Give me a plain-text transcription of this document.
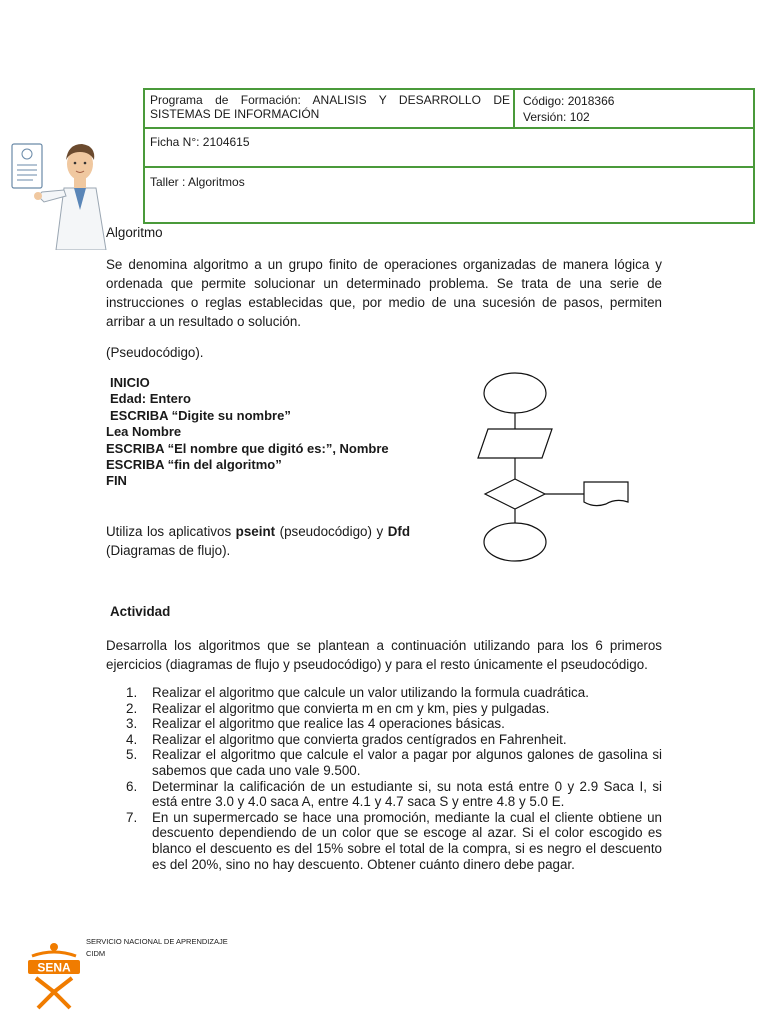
Programa de Formación: ANALISIS Y DESARROLLO DE SISTEMAS DE INFORMACIÓN
Código: 2018366
Versión: 102
Ficha N°: 2104615
Taller : Algoritmos
Algoritmo
Se denomina algoritmo a un grupo finito de operaciones organizadas de manera lógica y ordenada que permite solucionar un determinado problema. Se trata de una serie de instrucciones o reglas establecidas que, por medio de una sucesión de pasos, permiten arribar a un resultado o solución.
(Pseudocódigo).
INICIO
Edad: Entero
ESCRIBA “Digite su nombre”
Lea Nombre
ESCRIBA “El nombre que digitó es:”, Nombre
ESCRIBA “fin del algoritmo”
FIN
Utiliza los aplicativos pseint (pseudocódigo) y Dfd (Diagramas de flujo).
Actividad
Desarrolla los algoritmos que se plantean a continuación utilizando para los 6 primeros ejercicios (diagramas de flujo y pseudocódigo) y para el resto únicamente el pseudocódigo.
1. Realizar el algoritmo que calcule un valor utilizando la formula cuadrática.
2. Realizar el algoritmo que convierta m en cm y km, pies y pulgadas.
3. Realizar el algoritmo que realice las 4 operaciones básicas.
4. Realizar el algoritmo que convierta grados centígrados en Fahrenheit.
5. Realizar el algoritmo que calcule el valor a pagar por algunos galones de gasolina si sabemos que cada uno vale 9.500.
6. Determinar la calificación de un estudiante si, su nota está entre 0 y 2.9 Saca I, si está entre 3.0 y 4.0 saca A, entre 4.1 y 4.7 saca S y entre 4.8 y 5.0 E.
7. En un supermercado se hace una promoción, mediante la cual el cliente obtiene un descuento dependiendo de un color que se escoge al azar. Si el color escogido es blanco el descuento es del 15% sobre el total de la compra, si es negro el descuento es del 20%, sino no hay descuento. Obtener cuánto dinero debe pagar.
SERVICIO NACIONAL DE APRENDIZAJE
CIDM
SENA
